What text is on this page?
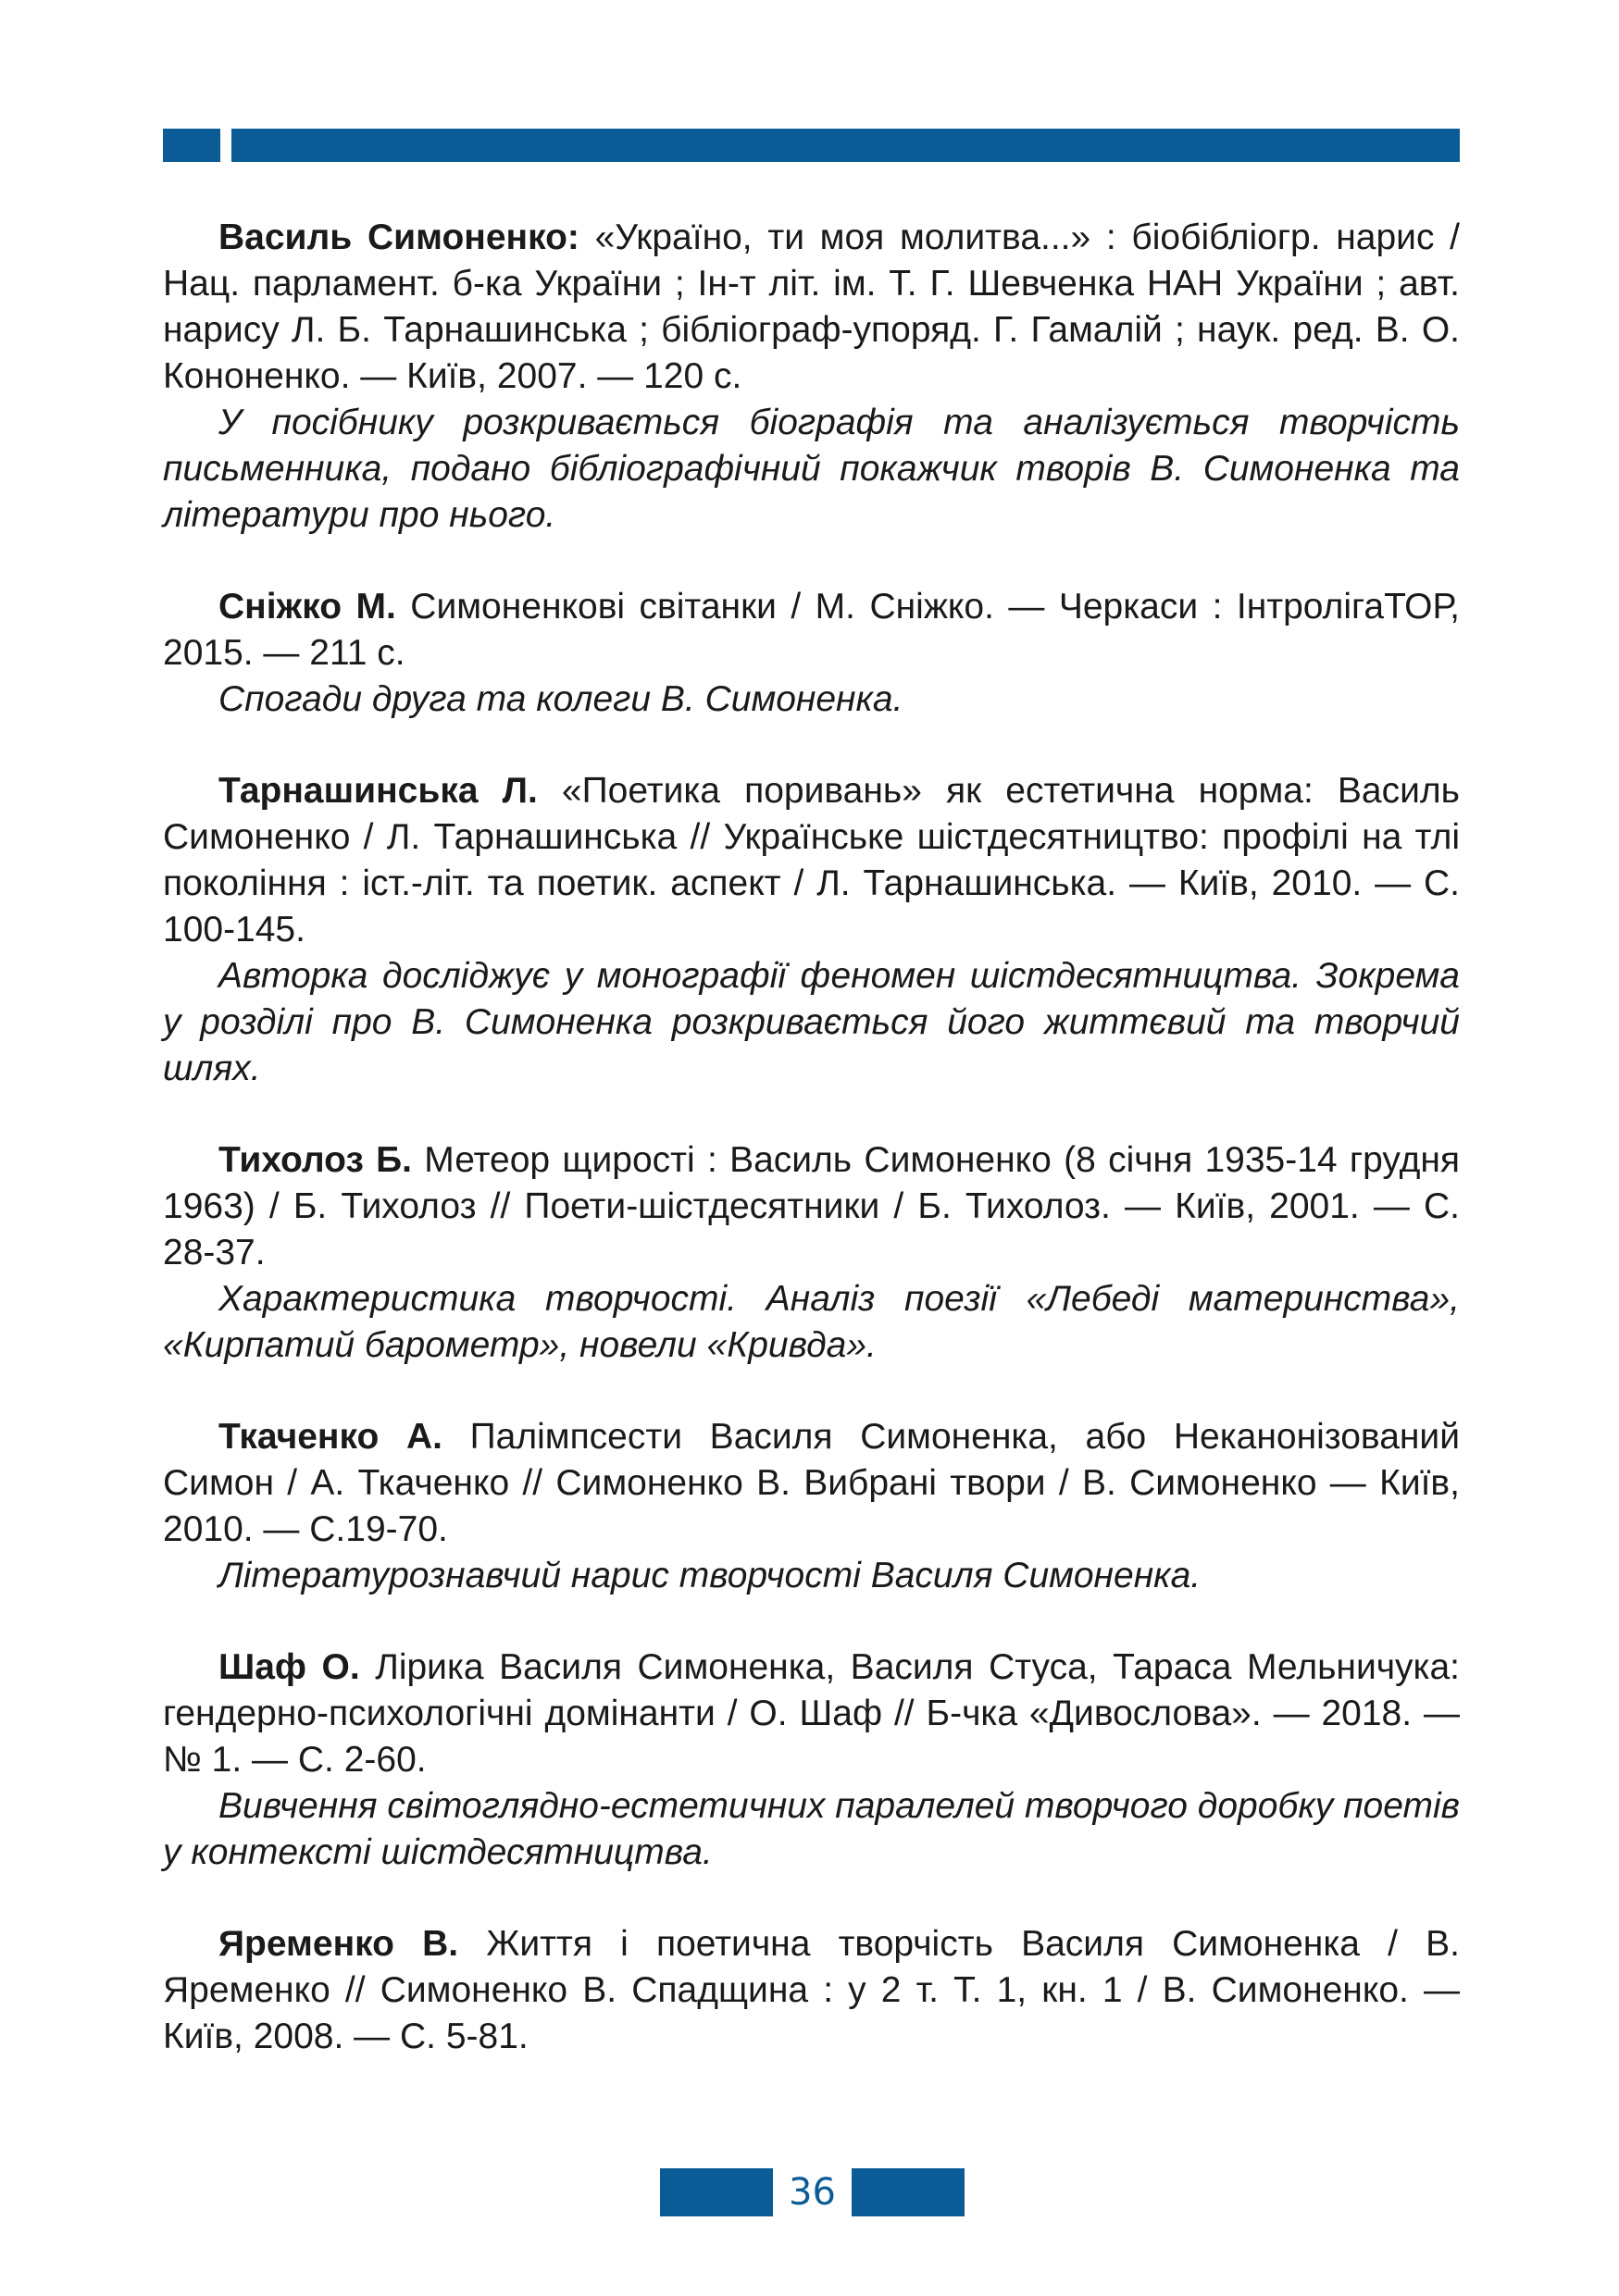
Василь Симоненко: «Україно, ти моя молитва...» : біобібліогр. нарис / Нац. парламент. б-ка України ; Ін-т літ. ім. Т. Г. Шевченка НАН України ; авт. нарису Л. Б. Тарнашинська ; бібліограф-упоряд. Г. Гамалій ; наук. ред. В. О. Кононенко. — Київ, 2007. — 120 с.

У посібнику розкривається біографія та аналізується творчість письменника, подано бібліографічний покажчик творів В. Симоненка та літератури про нього.

Сніжко М. Симоненкові світанки / М. Сніжко. — Черкаси : ІнтролігаТОР, 2015. — 211 с.

Спогади друга та колеги В. Симоненка.

Тарнашинська Л. «Поетика поривань» як естетична норма: Василь Симоненко / Л. Тарнашинська // Українське шістдесятництво: профілі на тлі покоління : іст.-літ. та поетик. аспект / Л. Тарнашинська. — Київ, 2010. — С. 100-145.

Авторка досліджує у монографії феномен шістдесятництва. Зокрема у розділі про В. Симоненка розкривається його життєвий та творчий шлях.

Тихолоз Б. Метеор щирості : Василь Симоненко (8 січня 1935-14 грудня 1963) / Б. Тихолоз // Поети-шістдесятники / Б. Тихолоз. — Київ, 2001. — С. 28-37.

Характеристика творчості. Аналіз поезії «Лебеді материнства», «Кирпатий барометр», новели «Кривда».

Ткаченко А. Палімпсести Василя Симоненка, або Неканонізований Симон / А. Ткаченко // Симоненко В. Вибрані твори / В. Симоненко — Київ, 2010. — С.19-70.

Літературознавчий нарис творчості Василя Симоненка.

Шаф О. Лірика Василя Симоненка, Василя Стуса, Тараса Мельничука: гендерно-психологічні домінанти / О. Шаф // Б-чка «Дивослова». — 2018. — № 1. — С. 2-60.

Вивчення світоглядно-естетичних паралелей творчого доробку поетів у контексті шістдесятництва.

Яременко В. Життя і поетична творчість Василя Симоненка / В. Яременко // Симоненко В. Спадщина : у 2 т. Т. 1, кн. 1 / В. Симоненко. — Київ, 2008. — С. 5-81.

36
